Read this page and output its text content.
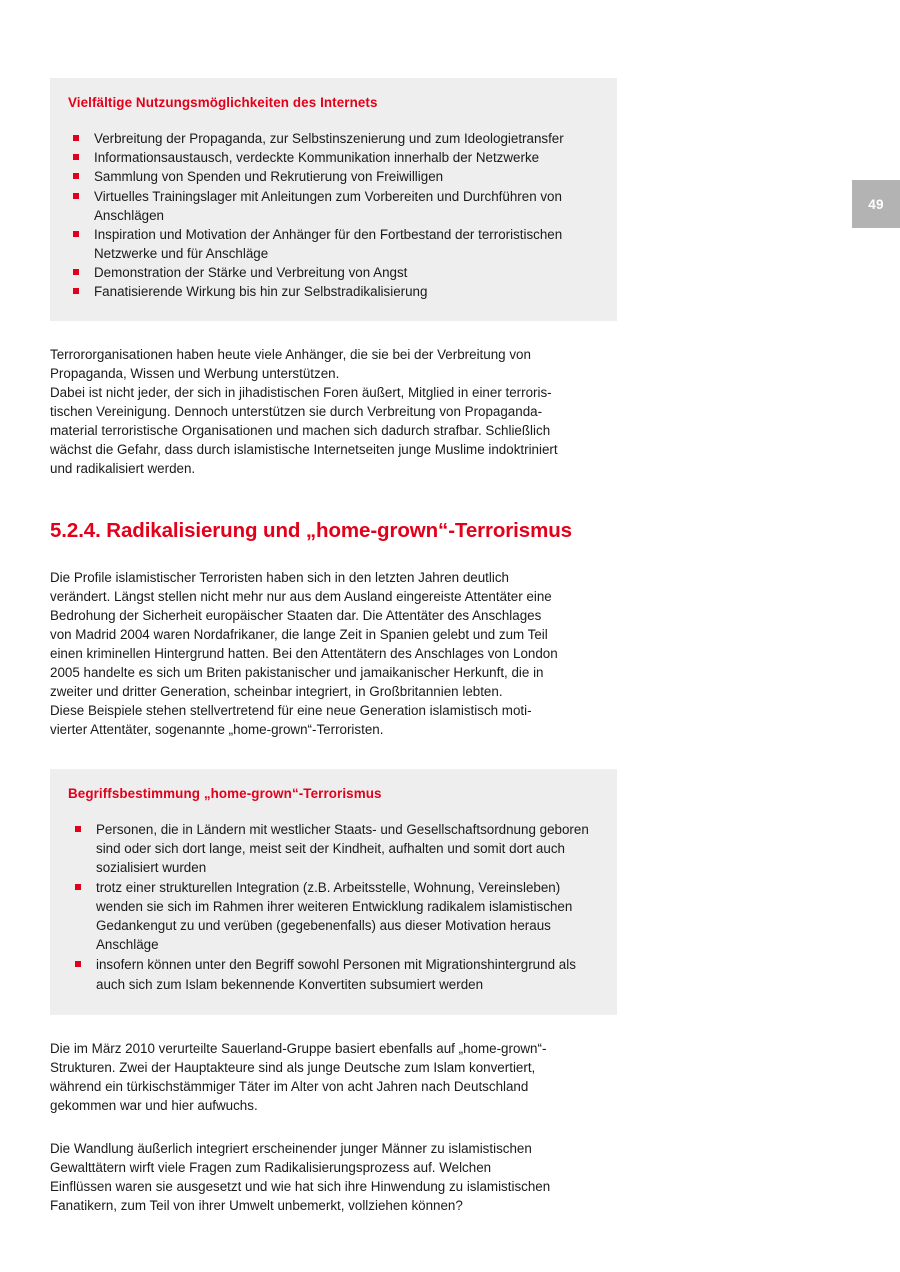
49
Vielfältige Nutzungsmöglichkeiten des Internets
Verbreitung der Propaganda, zur Selbstinszenierung und zum Ideologietransfer
Informationsaustausch, verdeckte Kommunikation innerhalb der Netzwerke
Sammlung von Spenden und Rekrutierung von Freiwilligen
Virtuelles Trainingslager mit Anleitungen zum Vorbereiten und Durchführen von Anschlägen
Inspiration und Motivation der Anhänger für den Fortbestand der terroristischen Netzwerke und für Anschläge
Demonstration der Stärke und Verbreitung von Angst
Fanatisierende Wirkung bis hin zur Selbstradikalisierung

Terrororganisationen haben heute viele Anhänger, die sie bei der Verbreitung von
Propaganda, Wissen und Werbung unterstützen.
Dabei ist nicht jeder, der sich in jihadistischen Foren äußert, Mitglied in einer terroris-
tischen Vereinigung. Dennoch unterstützen sie durch Verbreitung von Propaganda-
material terroristische Organisationen und machen sich dadurch strafbar. Schließlich
wächst die Gefahr, dass durch islamistische Internetseiten junge Muslime indoktriniert
und radikalisiert werden.

5.2.4. Radikalisierung und „home-grown“-Terrorismus

Die Profile islamistischer Terroristen haben sich in den letzten Jahren deutlich
verändert. Längst stellen nicht mehr nur aus dem Ausland eingereiste Attentäter eine
Bedrohung der Sicherheit europäischer Staaten dar. Die Attentäter des Anschlages
von Madrid 2004 waren Nordafrikaner, die lange Zeit in Spanien gelebt und zum Teil
einen kriminellen Hintergrund hatten. Bei den Attentätern des Anschlages von London
2005 handelte es sich um Briten pakistanischer und jamaikanischer Herkunft, die in
zweiter und dritter Generation, scheinbar integriert, in Großbritannien lebten.
Diese Beispiele stehen stellvertretend für eine neue Generation islamistisch moti-
vierter Attentäter, sogenannte „home-grown“-Terroristen.

Begriffsbestimmung „home-grown“-Terrorismus
Personen, die in Ländern mit westlicher Staats- und Gesellschaftsordnung geboren sind oder sich dort lange, meist seit der Kindheit, aufhalten und somit dort auch sozialisiert wurden
trotz einer strukturellen Integration (z.B. Arbeitsstelle, Wohnung, Vereinsleben) wenden sie sich im Rahmen ihrer weiteren Entwicklung radikalem islamistischen Gedankengut zu und verüben (gegebenenfalls) aus dieser Motivation heraus Anschläge
insofern können unter den Begriff sowohl Personen mit Migrationshintergrund als auch sich zum Islam bekennende Konvertiten subsumiert werden

Die im März 2010 verurteilte Sauerland-Gruppe basiert ebenfalls auf „home-grown“-
Strukturen. Zwei der Hauptakteure sind als junge Deutsche zum Islam konvertiert,
während ein türkischstämmiger Täter im Alter von acht Jahren nach Deutschland
gekommen war und hier aufwuchs.

Die Wandlung äußerlich integriert erscheinender junger Männer zu islamistischen
Gewalttätern wirft viele Fragen zum Radikalisierungsprozess auf. Welchen
Einflüssen waren sie ausgesetzt und wie hat sich ihre Hinwendung zu islamistischen
Fanatikern, zum Teil von ihrer Umwelt unbemerkt, vollziehen können?
